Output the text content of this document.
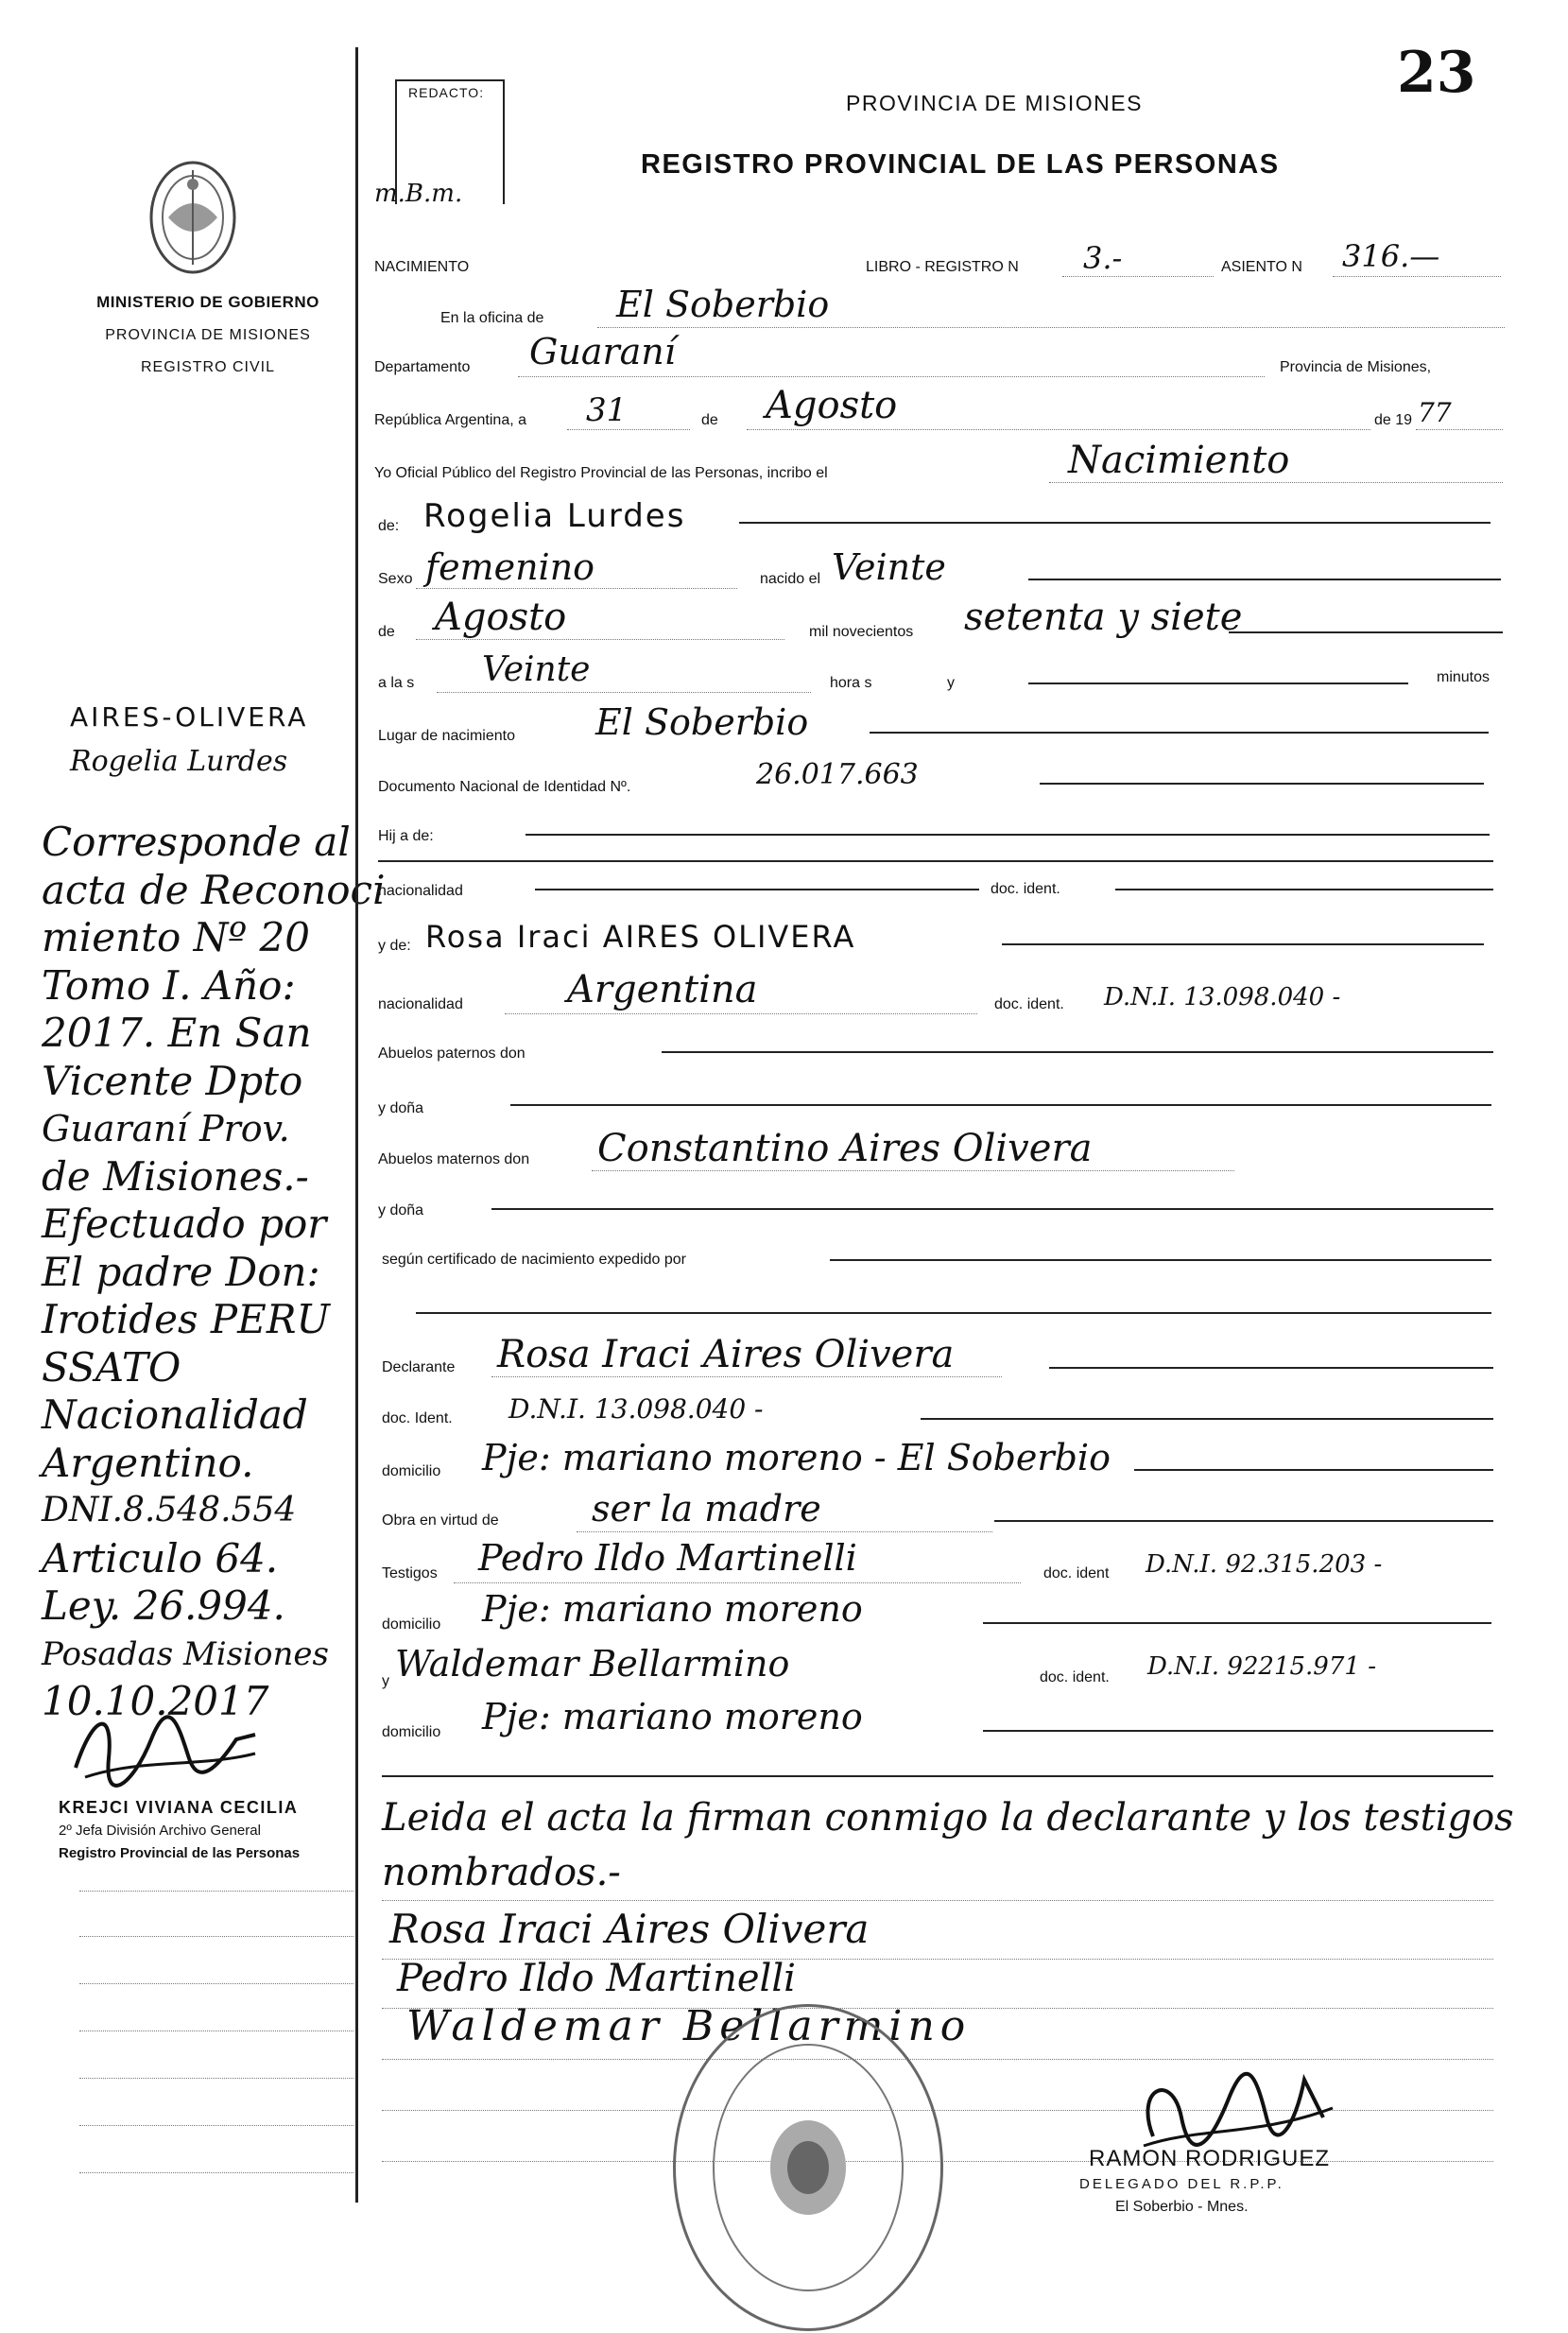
MINISTERIO DE GOBIERNO
PROVINCIA DE MISIONES
REGISTRO CIVIL
AIRES-OLIVERA
Rogelia Lurdes
Corresponde al
acta de Reconoci
miento Nº 20
Tomo I. Año:
2017. En San
Vicente Dpto
Guaraní Prov.
de Misiones.-
Efectuado por
El padre Don:
Irotides PERU
SSATO
Nacionalidad
Argentino.
DNI.8.548.554
Articulo 64.
Ley. 26.994.
Posadas Misiones
10.10.2017
KREJCI VIVIANA CECILIA
2º Jefa División Archivo General
Registro Provincial de las Personas
REDACTO:
m.B.m.
23
PROVINCIA DE MISIONES
REGISTRO PROVINCIAL DE LAS PERSONAS
NACIMIENTO	LIBRO - REGISTRO N 3.-	ASIENTO N 316.—
En la oficina de El Soberbio
Departamento Guaraní	Provincia de Misiones,
República Argentina, a 31	de Agosto	de 19 77
Yo Oficial Público del Registro Provincial de las Personas, incribo el	Nacimiento
de: Rogelia Lurdes
Sexo femenino	nacido el Veinte
de Agosto	mil novecientos setenta y siete
a la s Veinte	hora s	y	minutos
Lugar de nacimiento El Soberbio
Documento Nacional de Identidad Nº.	26.017.663
Hij a de:
nacionalidad	doc. ident.
y de: Rosa Iraci AIRES OLIVERA
nacionalidad	Argentina	doc. ident. D.N.I. 13.098.040 -
Abuelos paternos don
y doña
Abuelos maternos don Constantino Aires Olivera
y doña
según certificado de nacimiento expedido por
Declarante Rosa Iraci Aires Olivera
doc. Ident. D.N.I. 13.098.040 -
domicilio Pje: mariano moreno - El Soberbio
Obra en virtud de	ser la madre
Testigos Pedro Ildo Martinelli	doc. ident D.N.I. 92.315.203 -
domicilio Pje: mariano moreno
y Waldemar Bellarmino	doc. ident. D.N.I. 92215.971 -
domicilio Pje: mariano moreno
Leida el acta la firman conmigo la declarante y los testigos
nombrados.-
Rosa Iraci Aires Olivera
Pedro Ildo Martinelli
Waldemar Bellarmino
RAMON RODRIGUEZ
DELEGADO DEL R.P.P.
El Soberbio - Mnes.
